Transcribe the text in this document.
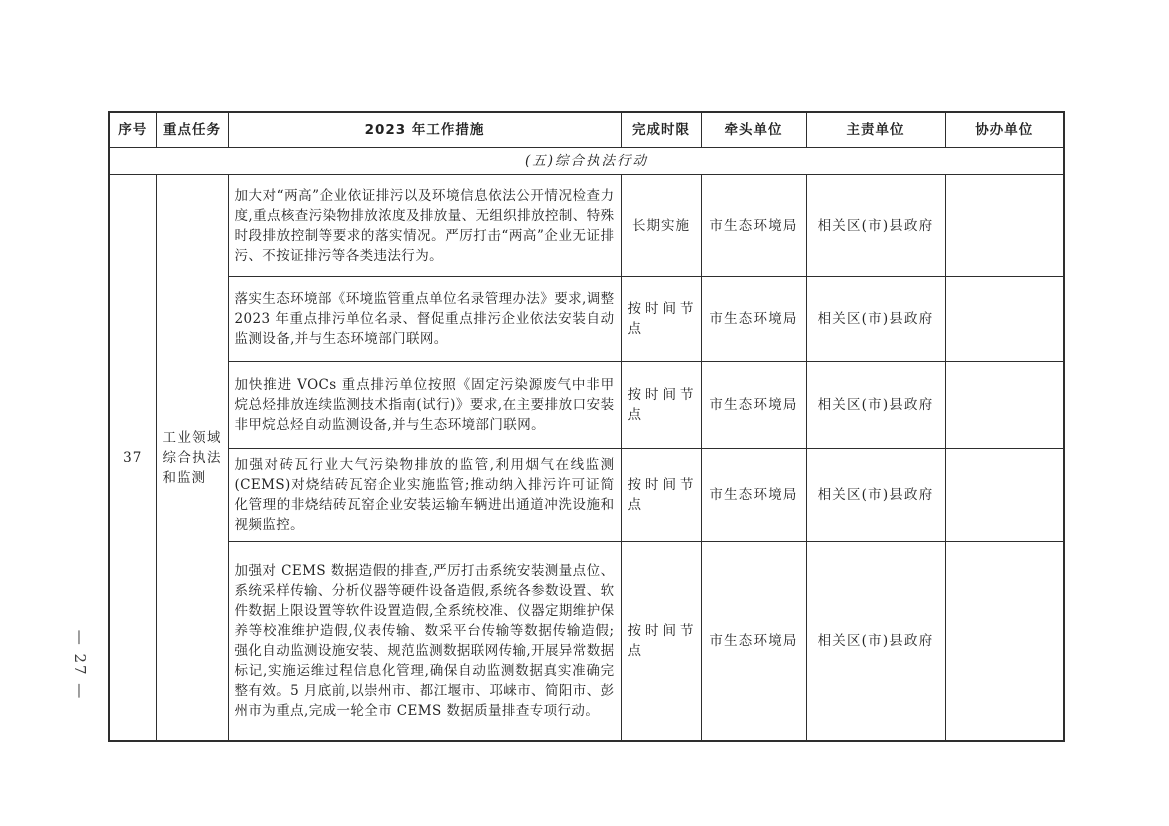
— 27 —
序号	重点任务	2023 年工作措施	完成时限	牵头单位	主责单位	协办单位
(五)综合执法行动						
37	工业领域综合执法和监测	加大对“两高”企业依证排污以及环境信息依法公开情况检查力度,重点核查污染物排放浓度及排放量、无组织排放控制、特殊时段排放控制等要求的落实情况。严厉打击“两高”企业无证排污、不按证排污等各类违法行为。	长期实施	市生态环境局	相关区(市)县政府	
		落实生态环境部《环境监管重点单位名录管理办法》要求,调整 2023 年重点排污单位名录、督促重点排污企业依法安装自动监测设备,并与生态环境部门联网。	按时间节点	市生态环境局	相关区(市)县政府	
		加快推进 VOCs 重点排污单位按照《固定污染源废气中非甲烷总烃排放连续监测技术指南(试行)》要求,在主要排放口安装非甲烷总烃自动监测设备,并与生态环境部门联网。	按时间节点	市生态环境局	相关区(市)县政府	
		加强对砖瓦行业大气污染物排放的监管,利用烟气在线监测(CEMS)对烧结砖瓦窑企业实施监管;推动纳入排污许可证简化管理的非烧结砖瓦窑企业安装运输车辆进出通道冲洗设施和视频监控。	按时间节点	市生态环境局	相关区(市)县政府	
		加强对 CEMS 数据造假的排查,严厉打击系统安装测量点位、系统采样传输、分析仪器等硬件设备造假,系统各参数设置、软件数据上限设置等软件设置造假,全系统校准、仪器定期维护保养等校准维护造假,仪表传输、数采平台传输等数据传输造假;强化自动监测设施安装、规范监测数据联网传输,开展异常数据标记,实施运维过程信息化管理,确保自动监测数据真实准确完整有效。5 月底前,以崇州市、都江堰市、邛崃市、简阳市、彭州市为重点,完成一轮全市 CEMS 数据质量排查专项行动。	按时间节点	市生态环境局	相关区(市)县政府	
